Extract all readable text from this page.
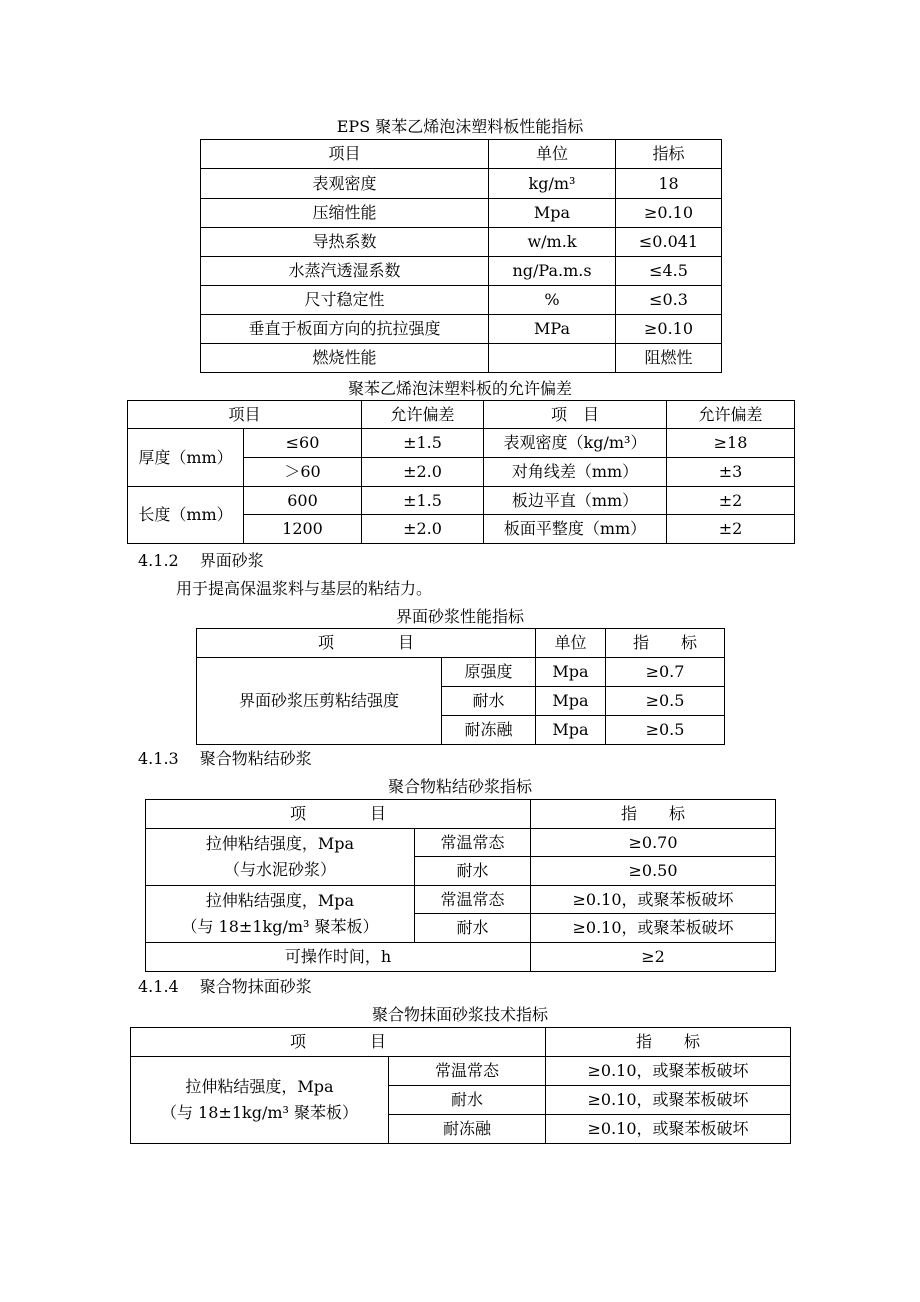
EPS 聚苯乙烯泡沫塑料板性能指标
项目	单位	指标
表观密度	kg/m³	18
压缩性能	Mpa	≥0.10
导热系数	w/m.k	≤0.041
水蒸汽透湿系数	ng/Pa.m.s	≤4.5
尺寸稳定性	%	≤0.3
垂直于板面方向的抗拉强度	MPa	≥0.10
燃烧性能		阻燃性
聚苯乙烯泡沫塑料板的允许偏差
项目		允许偏差	项　目	允许偏差
厚度（mm）	≤60	±1.5	表观密度（kg/m³）	≥18
	＞60	±2.0	对角线差（mm）	±3
长度（mm）	600	±1.5	板边平直（mm）	±2
	1200	±2.0	板面平整度（mm）	±2
4.1.2　 界面砂浆
用于提高保温浆料与基层的粘结力。
界面砂浆性能指标
项　　　　目		单位	指　　标
界面砂浆压剪粘结强度	原强度	Mpa	≥0.7
	耐水	Mpa	≥0.5
	耐冻融	Mpa	≥0.5
4.1.3　 聚合物粘结砂浆
聚合物粘结砂浆指标
项　　　　目		指　　标

拉伸粘结强度，Mpa
（与水泥砂浆）	常温常态	≥0.70
	耐水	≥0.50

拉伸粘结强度，Mpa
（与 18±1kg/m³ 聚苯板）	常温常态	≥0.10，或聚苯板破坏
	耐水	≥0.10，或聚苯板破坏
可操作时间，h		≥2
4.1.4　 聚合物抹面砂浆
聚合物抹面砂浆技术指标
项　　　　目		指　　标

拉伸粘结强度，Mpa
（与 18±1kg/m³ 聚苯板）	常温常态	≥0.10，或聚苯板破坏
	耐水	≥0.10，或聚苯板破坏
	耐冻融	≥0.10，或聚苯板破坏
